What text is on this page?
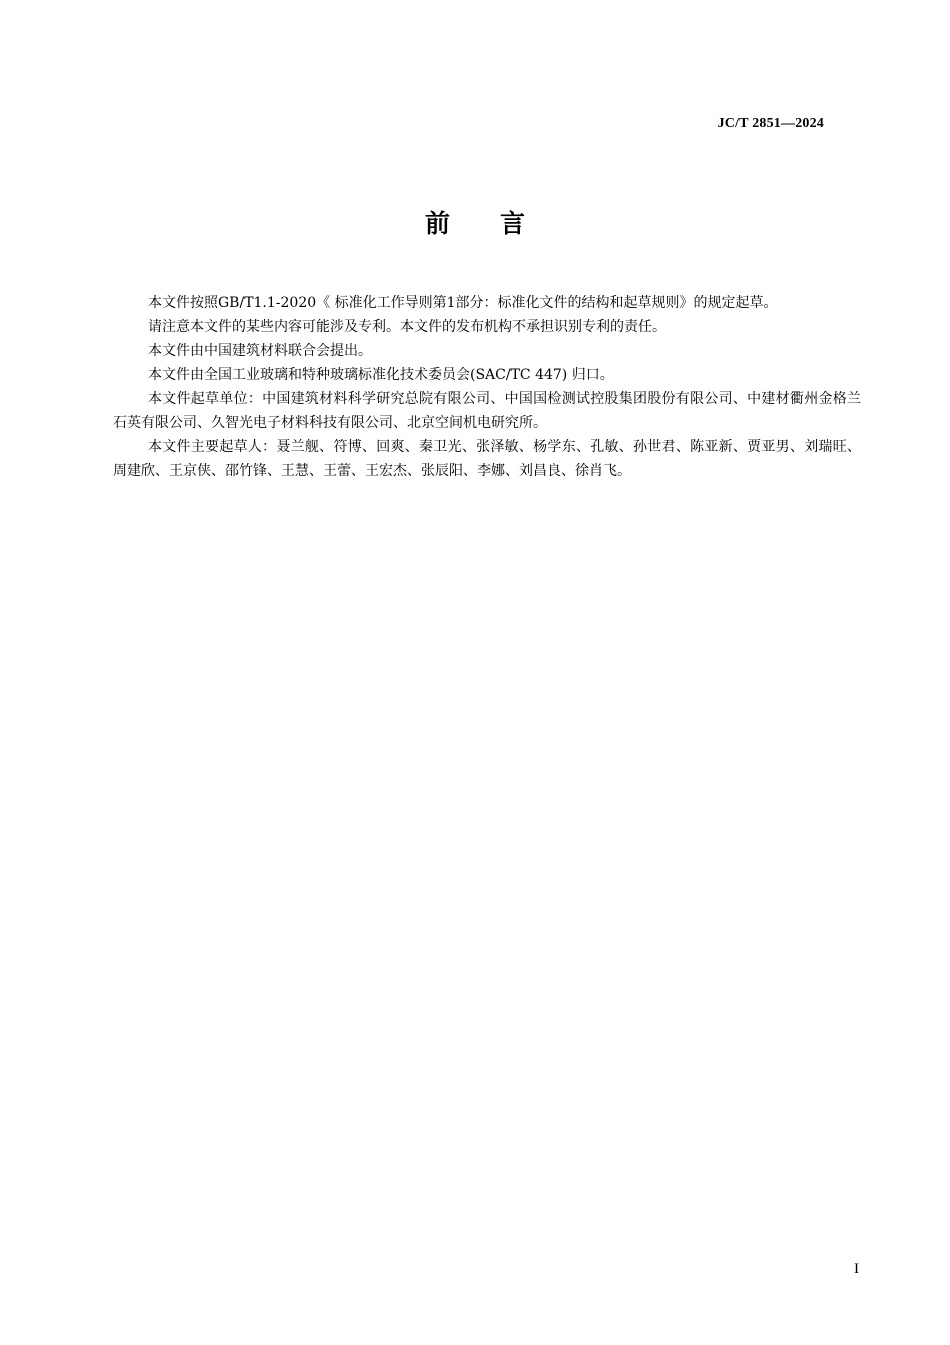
JC/T 2851—2024
前 言

本文件按照GB/T1.1-2020《 标准化工作导则第1部分：标准化文件的结构和起草规则》的规定起草。

请注意本文件的某些内容可能涉及专利。本文件的发布机构不承担识别专利的责任。

本文件由中国建筑材料联合会提出。

本文件由全国工业玻璃和特种玻璃标准化技术委员会(SAC/TC 447) 归口。

本文件起草单位：中国建筑材料科学研究总院有限公司、中国国检测试控股集团股份有限公司、中建材衢州金格兰石英有限公司、久智光电子材料科技有限公司、北京空间机电研究所。

本文件主要起草人：聂兰舰、符博、回爽、秦卫光、张泽敏、杨学东、孔敏、孙世君、陈亚新、贾亚男、刘瑞旺、周建欣、王京侠、邵竹锋、王慧、王蕾、王宏杰、张辰阳、李娜、刘昌良、徐肖飞。

I
